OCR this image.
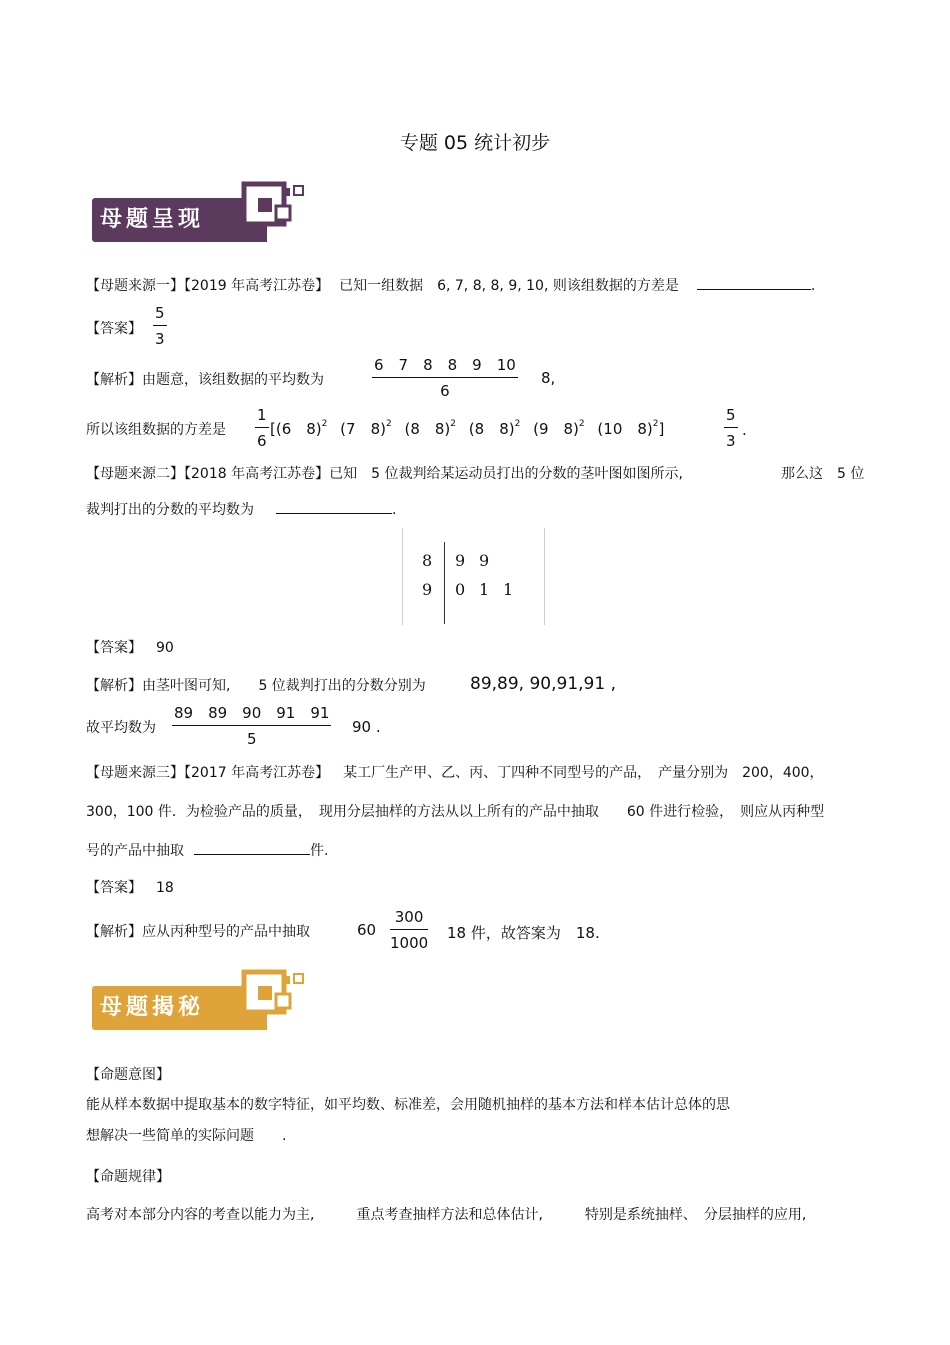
专题 05 统计初步
母题呈现
【母题来源一】【2019 年高考江苏卷】 已知一组数据　6, 7, 8, 8, 9, 10, 则该组数据的方差是	.
【答案】 $\frac{5}{3}$
【解析】由题意，该组数据的平均数为	$\frac{6 7 8 8 9 10}{6} 8$,
所以该组数据的方差是 $\frac{1}{6} [(6$　8)$^2$ (7　8)$^2$ (8　8)$^2$ (8　8)$^2$ (9　8)$^2$ (10　8)$^2$]	$\frac{5}{3}$ .
【母题来源二】【2018 年高考江苏卷】已知　5 位裁判给某运动员打出的分数的茎叶图如图所示,	那么这　5 位
裁判打出的分数的平均数为	.
8 9 9
9 0 1 1
【答案】 90
【解析】由茎叶图可知,　　5 位裁判打出的分数分别为	89,89, 90,91,91 ,
故平均数为 $\frac{89 89 90 91 91}{5} 90$ .
【母题来源三】【2017 年高考江苏卷】 某工厂生产甲、乙、丙、丁四种不同型号的产品，　产量分别为　200，400，
300，100 件．为检验产品的质量，　现用分层抽样的方法从以上所有的产品中抽取　　60 件进行检验，　则应从丙种型
号的产品中抽取	件.
【答案】 18
【解析】应从丙种型号的产品中抽取	$60 \frac{300}{1000} 18$ 件，故答案为　18.
母题揭秘
【命题意图】
能从样本数据中提取基本的数字特征，如平均数、标准差，会用随机抽样的基本方法和样本估计总体的思
想解决一些简单的实际问题　　.
【命题规律】
高考对本部分内容的考查以能力为主,　　　重点考查抽样方法和总体估计,　　　特别是系统抽样、　分层抽样的应用,
